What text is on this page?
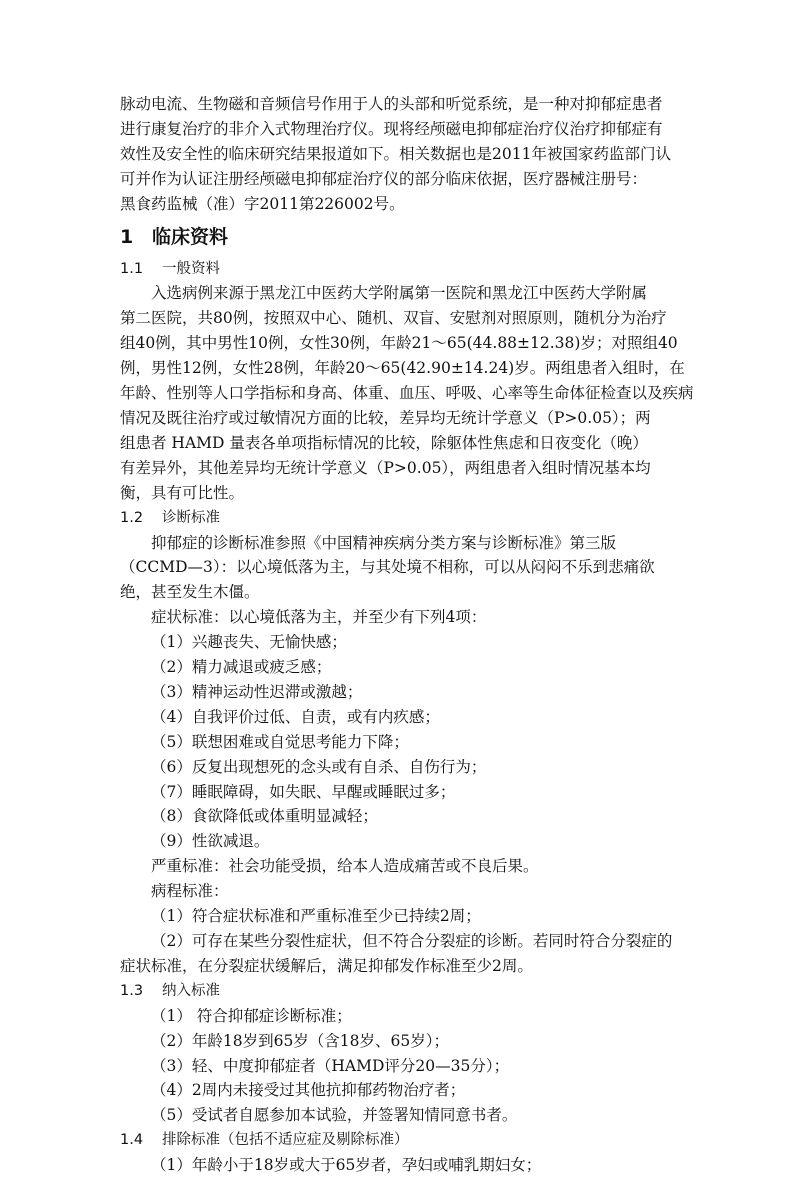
脉动电流、生物磁和音频信号作用于人的头部和听觉系统，是一种对抑郁症患者

进行康复治疗的非介入式物理治疗仪。现将经颅磁电抑郁症治疗仪治疗抑郁症有

效性及安全性的临床研究结果报道如下。相关数据也是2011年被国家药监部门认

可并作为认证注册经颅磁电抑郁症治疗仪的部分临床依据，医疗器械注册号：

黑食药监械（准）字2011第226002号。

1 临床资料
1.1 一般资料

入选病例来源于黑龙江中医药大学附属第一医院和黑龙江中医药大学附属

第二医院，共80例，按照双中心、随机、双盲、安慰剂对照原则，随机分为治疗

组40例，其中男性10例，女性30例，年龄21～65(44.88±12.38)岁；对照组40

例，男性12例，女性28例，年龄20～65(42.90±14.24)岁。两组患者入组时，在

年龄、性别等人口学指标和身高、体重、血压、呼吸、心率等生命体征检查以及疾病

情况及既往治疗或过敏情况方面的比较，差异均无统计学意义（P>0.05）；两

组患者 HAMD 量表各单项指标情况的比较，除躯体性焦虑和日夜变化（晚）

有差异外，其他差异均无统计学意义（P>0.05），两组患者入组时情况基本均

衡，具有可比性。

1.2 诊断标准

抑郁症的诊断标准参照《中国精神疾病分类方案与诊断标准》第三版

（CCMD—3）：以心境低落为主，与其处境不相称，可以从闷闷不乐到悲痛欲

绝，甚至发生木僵。

症状标准：以心境低落为主，并至少有下列4项：

（1）兴趣丧失、无愉快感；

（2）精力减退或疲乏感；

（3）精神运动性迟滞或激越；

（4）自我评价过低、自责，或有内疚感；

（5）联想困难或自觉思考能力下降；

（6）反复出现想死的念头或有自杀、自伤行为；

（7）睡眠障碍，如失眠、早醒或睡眠过多；

（8）食欲降低或体重明显减轻；

（9）性欲减退。

严重标准：社会功能受损，给本人造成痛苦或不良后果。

病程标准：

（1）符合症状标准和严重标准至少已持续2周；

（2）可存在某些分裂性症状，但不符合分裂症的诊断。若同时符合分裂症的

症状标准，在分裂症状缓解后，满足抑郁发作标准至少2周。

1.3 纳入标准

（1） 符合抑郁症诊断标准；

（2）年龄18岁到65岁（含18岁、65岁）；

（3）轻、中度抑郁症者（HAMD评分20—35分）；

（4）2周内未接受过其他抗抑郁药物治疗者；

（5）受试者自愿参加本试验，并签署知情同意书者。

1.4 排除标准（包括不适应症及剔除标准）

（1）年龄小于18岁或大于65岁者，孕妇或哺乳期妇女；
